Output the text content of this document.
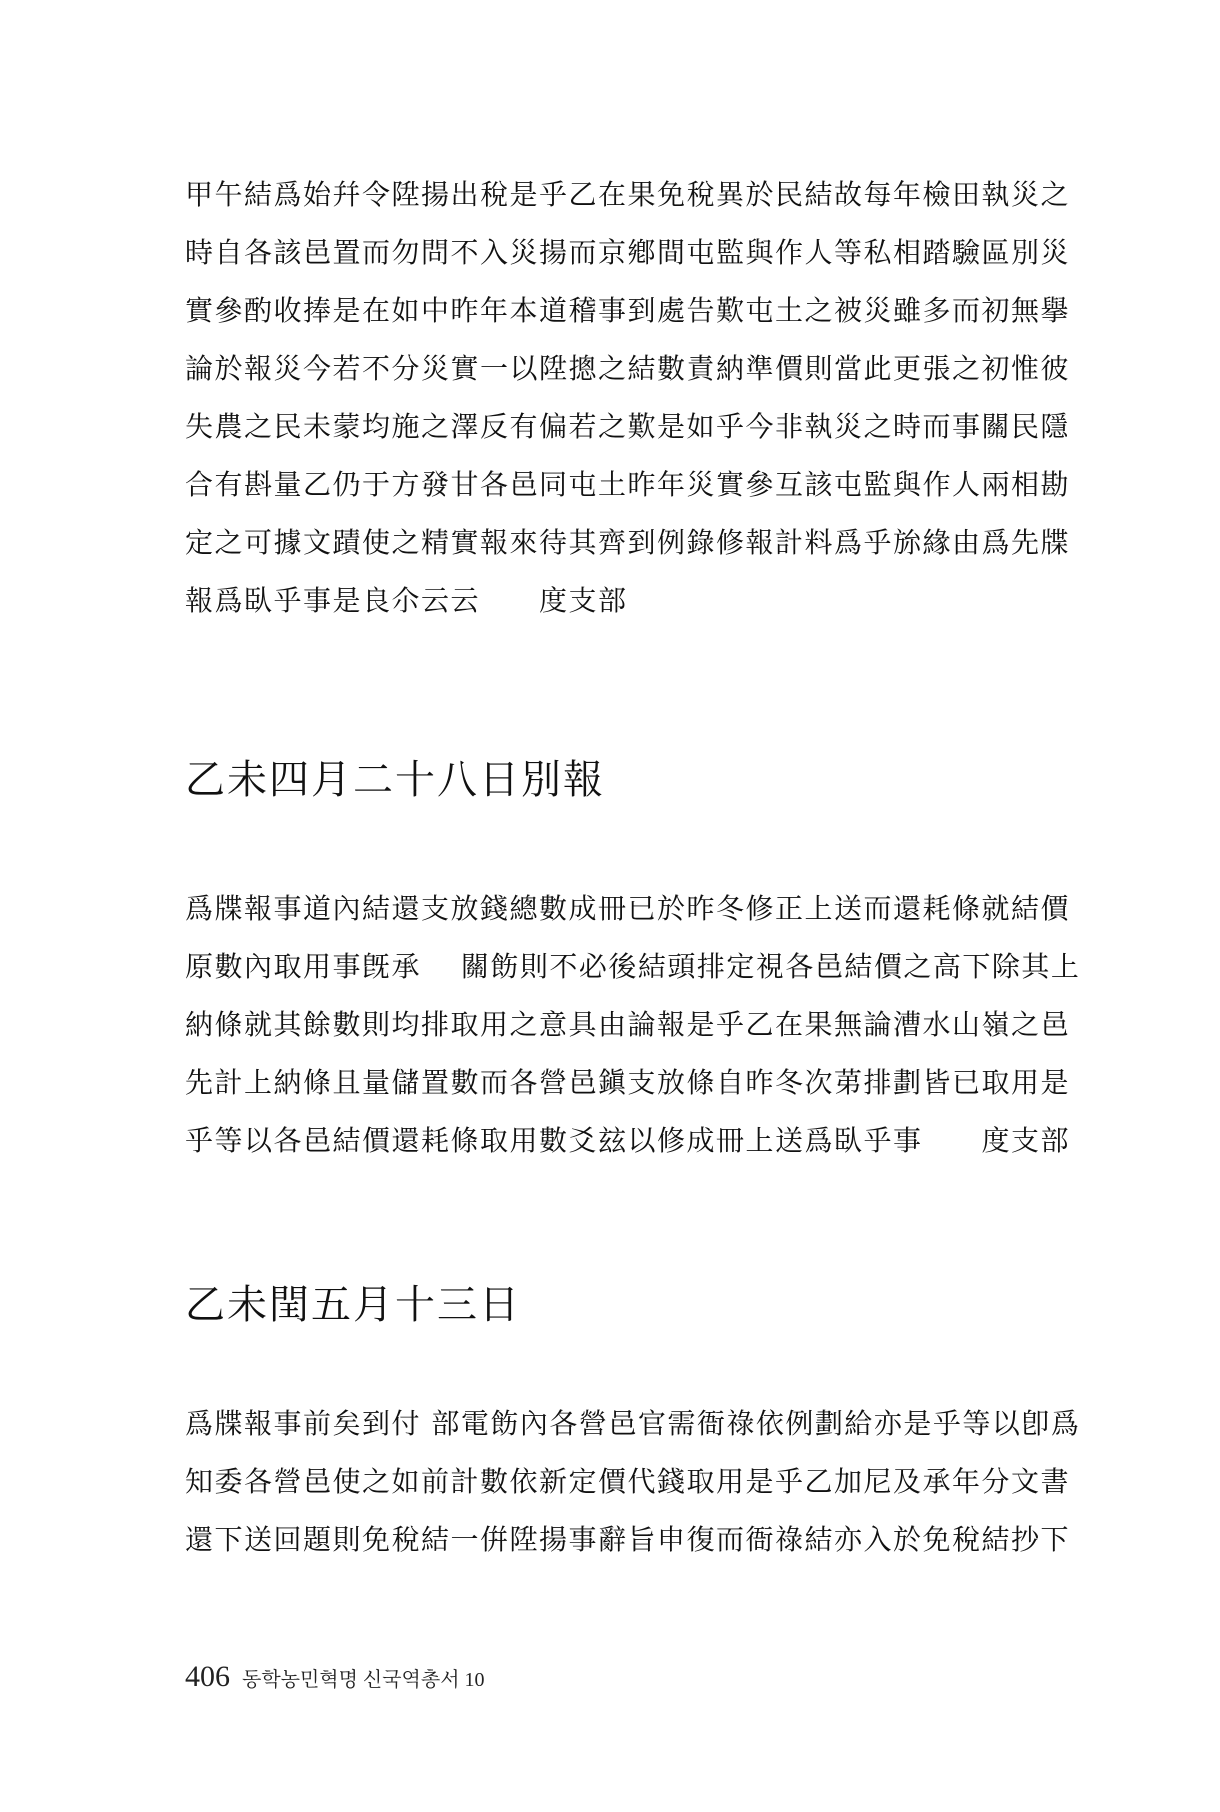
甲午結爲始幷令陞揚出稅是乎乙在果免稅異於民結故每年檢田執災之
時自各該邑置而勿問不入災揚而京鄕間屯監與作人等私相踏驗區別災
實參酌收捧是在如中昨年本道稽事到處告歎屯土之被災雖多而初無擧
論於報災今若不分災實一以陞摠之結數責納準價則當此更張之初惟彼
失農之民未蒙均施之澤反有偏若之歎是如乎今非執災之時而事關民隱
合有斟量乙仍于方發甘各邑同屯土昨年災實參互該屯監與作人兩相勘
定之可據文蹟使之精實報來待其齊到例錄修報計料爲乎旀緣由爲先牒
報爲臥乎事是良尒云云　　度支部
乙未四月二十八日別報
爲牒報事道內結還支放錢總數成冊已於昨冬修正上送而還耗條就結價
原數內取用事旣承　 關飭則不必後結頭排定視各邑結價之高下除其上
納條就其餘數則均排取用之意具由論報是乎乙在果無論漕水山嶺之邑
先計上納條且量儲置數而各營邑鎭支放條自昨冬次苐排劃皆已取用是
乎等以各邑結價還耗條取用數爻玆以修成冊上送爲臥乎事　　度支部
乙未閏五月十三日
爲牒報事前矣到付 部電飭內各營邑官需衙祿依例劃給亦是乎等以卽爲
知委各營邑使之如前計數依新定價代錢取用是乎乙加尼及承年分文書
還下送回題則免稅結一倂陞揚事辭旨申復而衙祿結亦入於免稅結抄下
406 동학농민혁명 신국역총서 10
